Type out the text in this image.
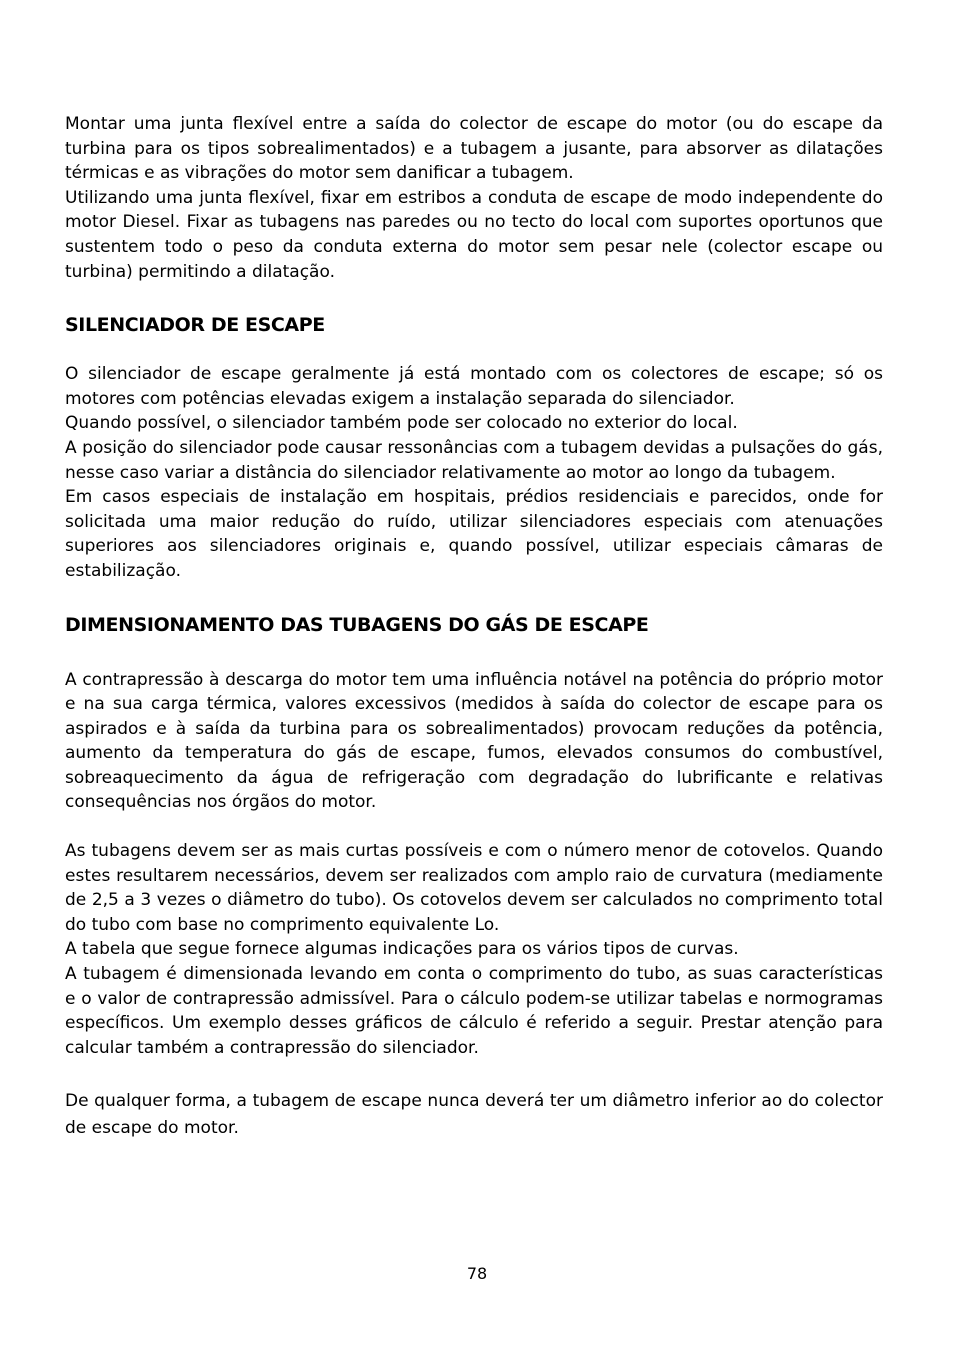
Montar uma junta flexível entre a saída do colector de escape do motor (ou do escape da turbina para os tipos sobrealimentados) e a tubagem a jusante, para absorver as dilatações térmicas e as vibrações do motor sem danificar a tubagem.

Utilizando uma junta flexível, fixar em estribos a conduta de escape de modo independente do motor Diesel. Fixar as tubagens nas paredes ou no tecto do local com suportes oportunos que sustentem todo o peso da conduta externa do motor sem pesar nele (colector escape ou turbina) permitindo a dilatação.

SILENCIADOR DE ESCAPE

O silenciador de escape geralmente já está montado com os colectores de escape; só os motores com potências elevadas exigem a instalação separada do silenciador.

Quando possível, o silenciador também pode ser colocado no exterior do local.

A posição do silenciador pode causar ressonâncias com a tubagem devidas a pulsações do gás, nesse caso variar a distância do silenciador relativamente ao motor ao longo da tubagem.

Em casos especiais de instalação em hospitais, prédios residenciais e parecidos, onde for solicitada uma maior redução do ruído, utilizar silenciadores especiais com atenuações superiores aos silenciadores originais e, quando possível, utilizar especiais câmaras de estabilização.

DIMENSIONAMENTO DAS TUBAGENS DO GÁS DE ESCAPE

A contrapressão à descarga do motor tem uma influência notável na potência do próprio motor e na sua carga térmica, valores excessivos (medidos à saída do colector de escape para os aspirados e à saída da turbina para os sobrealimentados) provocam reduções da potência, aumento da temperatura do gás de escape, fumos, elevados consumos do combustível, sobreaquecimento da água de refrigeração com degradação do lubrificante e relativas consequências nos órgãos do motor.

As tubagens devem ser as mais curtas possíveis e com o número menor de cotovelos. Quando estes resultarem necessários, devem ser realizados com amplo raio de curvatura (mediamente de 2,5 a 3 vezes o diâmetro do tubo). Os cotovelos devem ser calculados no comprimento total do tubo com base no comprimento equivalente Lo.

A tabela que segue fornece algumas indicações para os vários tipos de curvas.

A tubagem é dimensionada levando em conta o comprimento do tubo, as suas características e o valor de contrapressão admissível. Para o cálculo podem-se utilizar tabelas e normogramas específicos. Um exemplo desses gráficos de cálculo é referido a seguir. Prestar atenção para calcular também a contrapressão do silenciador.

De qualquer forma, a tubagem de escape nunca deverá ter um diâmetro inferior ao do colector de escape do motor.

78
